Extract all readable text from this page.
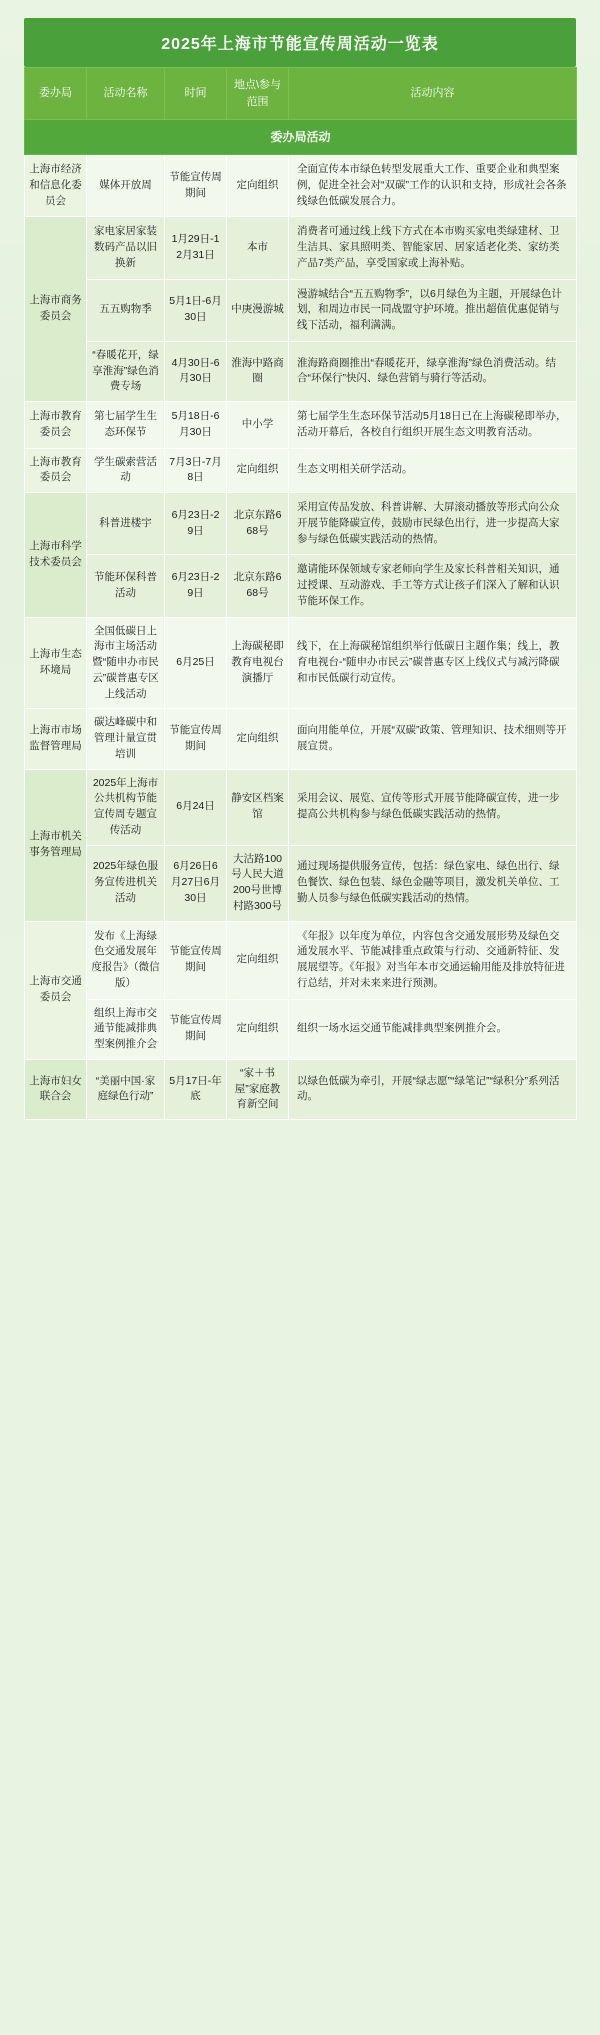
2025年上海市节能宣传周活动一览表
委办局	活动名称	时间	地点\参与范围	活动内容
委办局活动				
上海市经济和信息化委员会	媒体开放周	节能宣传周期间	定向组织	全面宣传本市绿色转型发展重大工作、重要企业和典型案例，促进全社会对“双碳”工作的认识和支持，形成社会各条线绿色低碳发展合力。
上海市商务委员会	家电家居家装数码产品以旧换新	1月29日-12月31日	本市	消费者可通过线上线下方式在本市购买家电类绿建材、卫生洁具、家具照明类、智能家居、居家适老化类、家纺类产品7类产品，享受国家或上海补贴。
	五五购物季	5月1日-6月30日	中庚漫游城	漫游城结合“五五购物季”，以6月绿色为主题，开展绿色计划，和周边市民一同战盟守护环境。推出超值优惠促销与线下活动，福利满满。
	“春暖花开，绿享淮海”绿色消费专场	4月30日-6月30日	淮海中路商圈	淮海路商圈推出“春暖花开，绿享淮海”绿色消费活动。结合“环保行”快闪、绿色营销与骑行等活动。
上海市教育委员会	第七届学生生态环保节	5月18日-6月30日	中小学	第七届学生生态环保节活动5月18日已在上海碳秘即举办，活动开幕后，各校自行组织开展生态文明教育活动。
上海市教育委员会	学生碳索营活动	7月3日-7月8日	定向组织	生态文明相关研学活动。
上海市科学技术委员会	科普进楼宇	6月23日-29日	北京东路668号	采用宣传品发放、科普讲解、大屏滚动播放等形式向公众开展节能降碳宣传，鼓励市民绿色出行，进一步提高大家参与绿色低碳实践活动的热情。
	节能环保科普活动	6月23日-29日	北京东路668号	邀请能环保领域专家老师向学生及家长科普相关知识，通过授课、互动游戏、手工等方式让孩子们深入了解和认识节能环保工作。
上海市生态环境局	全国低碳日上海市主场活动暨“随申办市民云”碳普惠专区上线活动	6月25日	上海碳秘即教育电视台演播厅	线下，在上海碳秘馆组织举行低碳日主题作集；线上，教育电视台-“随申办市民云”碳普惠专区上线仪式与减污降碳和市民低碳行动宣传。
上海市市场监督管理局	碳达峰碳中和管理计量宣贯培训	节能宣传周期间	定向组织	面向用能单位，开展“双碳”政策、管理知识、技术细则等开展宣贯。
上海市机关事务管理局	2025年上海市公共机构节能宣传周专题宣传活动	6月24日	静安区档案馆	采用会议、展览、宣传等形式开展节能降碳宣传，进一步提高公共机构参与绿色低碳实践活动的热情。
	2025年绿色服务宣传进机关活动	6月26日6月27日6月30日	大沽路100号人民大道200号世博村路300号	通过现场提供服务宣传，包括：绿色家电、绿色出行、绿色餐饮、绿色包装、绿色金融等项目，激发机关单位、工勤人员参与绿色低碳实践活动的热情。
上海市交通委员会	发布《上海绿色交通发展年度报告》（微信版）	节能宣传周期间	定向组织	《年报》以年度为单位，内容包含交通发展形势及绿色交通发展水平、节能减排重点政策与行动、交通新特征、发展展望等。《年报》对当年本市交通运输用能及排放特征进行总结，并对未来来进行预测。
	组织上海市交通节能减排典型案例推介会	节能宣传周期间	定向组织	组织一场水运交通节能减排典型案例推介会。
上海市妇女联合会	“美丽中国·家庭绿色行动”	5月17日-年底	“家＋书屋”家庭教育新空间	以绿色低碳为牵引，开展“绿志愿”“绿笔记”“绿积分”系列活动。
